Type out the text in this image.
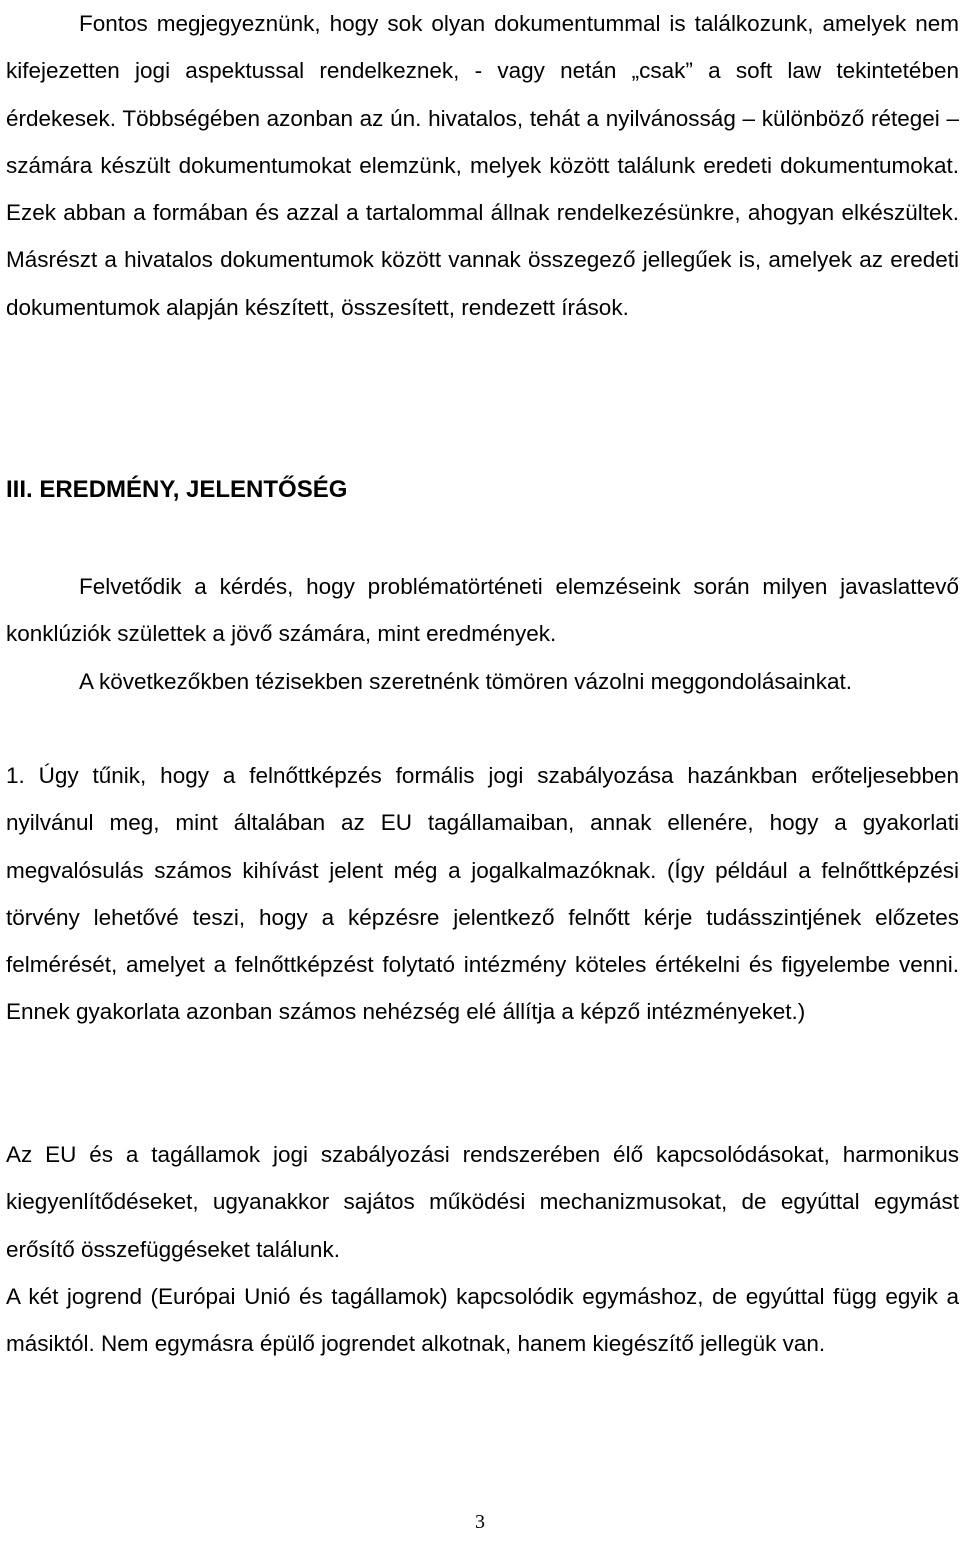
Fontos megjegyeznünk, hogy sok olyan dokumentummal is találkozunk, amelyek nem kifejezetten jogi aspektussal rendelkeznek, - vagy netán „csak” a soft law tekintetében érdekesek. Többségében azonban az ún. hivatalos, tehát a nyilvánosság – különböző rétegei – számára készült dokumentumokat elemzünk, melyek között találunk eredeti dokumentumokat. Ezek abban a formában és azzal a tartalommal állnak rendelkezésünkre, ahogyan elkészültek. Másrészt a hivatalos dokumentumok között vannak összegező jellegűek is, amelyek az eredeti dokumentumok alapján készített, összesített, rendezett írások.

III. EREDMÉNY, JELENTŐSÉG

Felvetődik a kérdés, hogy problématörténeti elemzéseink során milyen javaslattevő konklúziók születtek a jövő számára, mint eredmények.

A következőkben tézisekben szeretnénk tömören vázolni meggondolásainkat.

1. Úgy tűnik, hogy a felnőttképzés formális jogi szabályozása hazánkban erőteljesebben nyilvánul meg, mint általában az EU tagállamaiban, annak ellenére, hogy a gyakorlati megvalósulás számos kihívást jelent még a jogalkalmazóknak. (Így például a felnőttképzési törvény lehetővé teszi, hogy a képzésre jelentkező felnőtt kérje tudásszintjének előzetes felmérését, amelyet a felnőttképzést folytató intézmény köteles értékelni és figyelembe venni. Ennek gyakorlata azonban számos nehézség elé állítja a képző intézményeket.)

Az EU és a tagállamok jogi szabályozási rendszerében élő kapcsolódásokat, harmonikus kiegyenlítődéseket, ugyanakkor sajátos működési mechanizmusokat, de egyúttal egymást erősítő összefüggéseket találunk.

A két jogrend (Európai Unió és tagállamok) kapcsolódik egymáshoz, de egyúttal függ egyik a másiktól. Nem egymásra épülő jogrendet alkotnak, hanem kiegészítő jellegük van.

3
